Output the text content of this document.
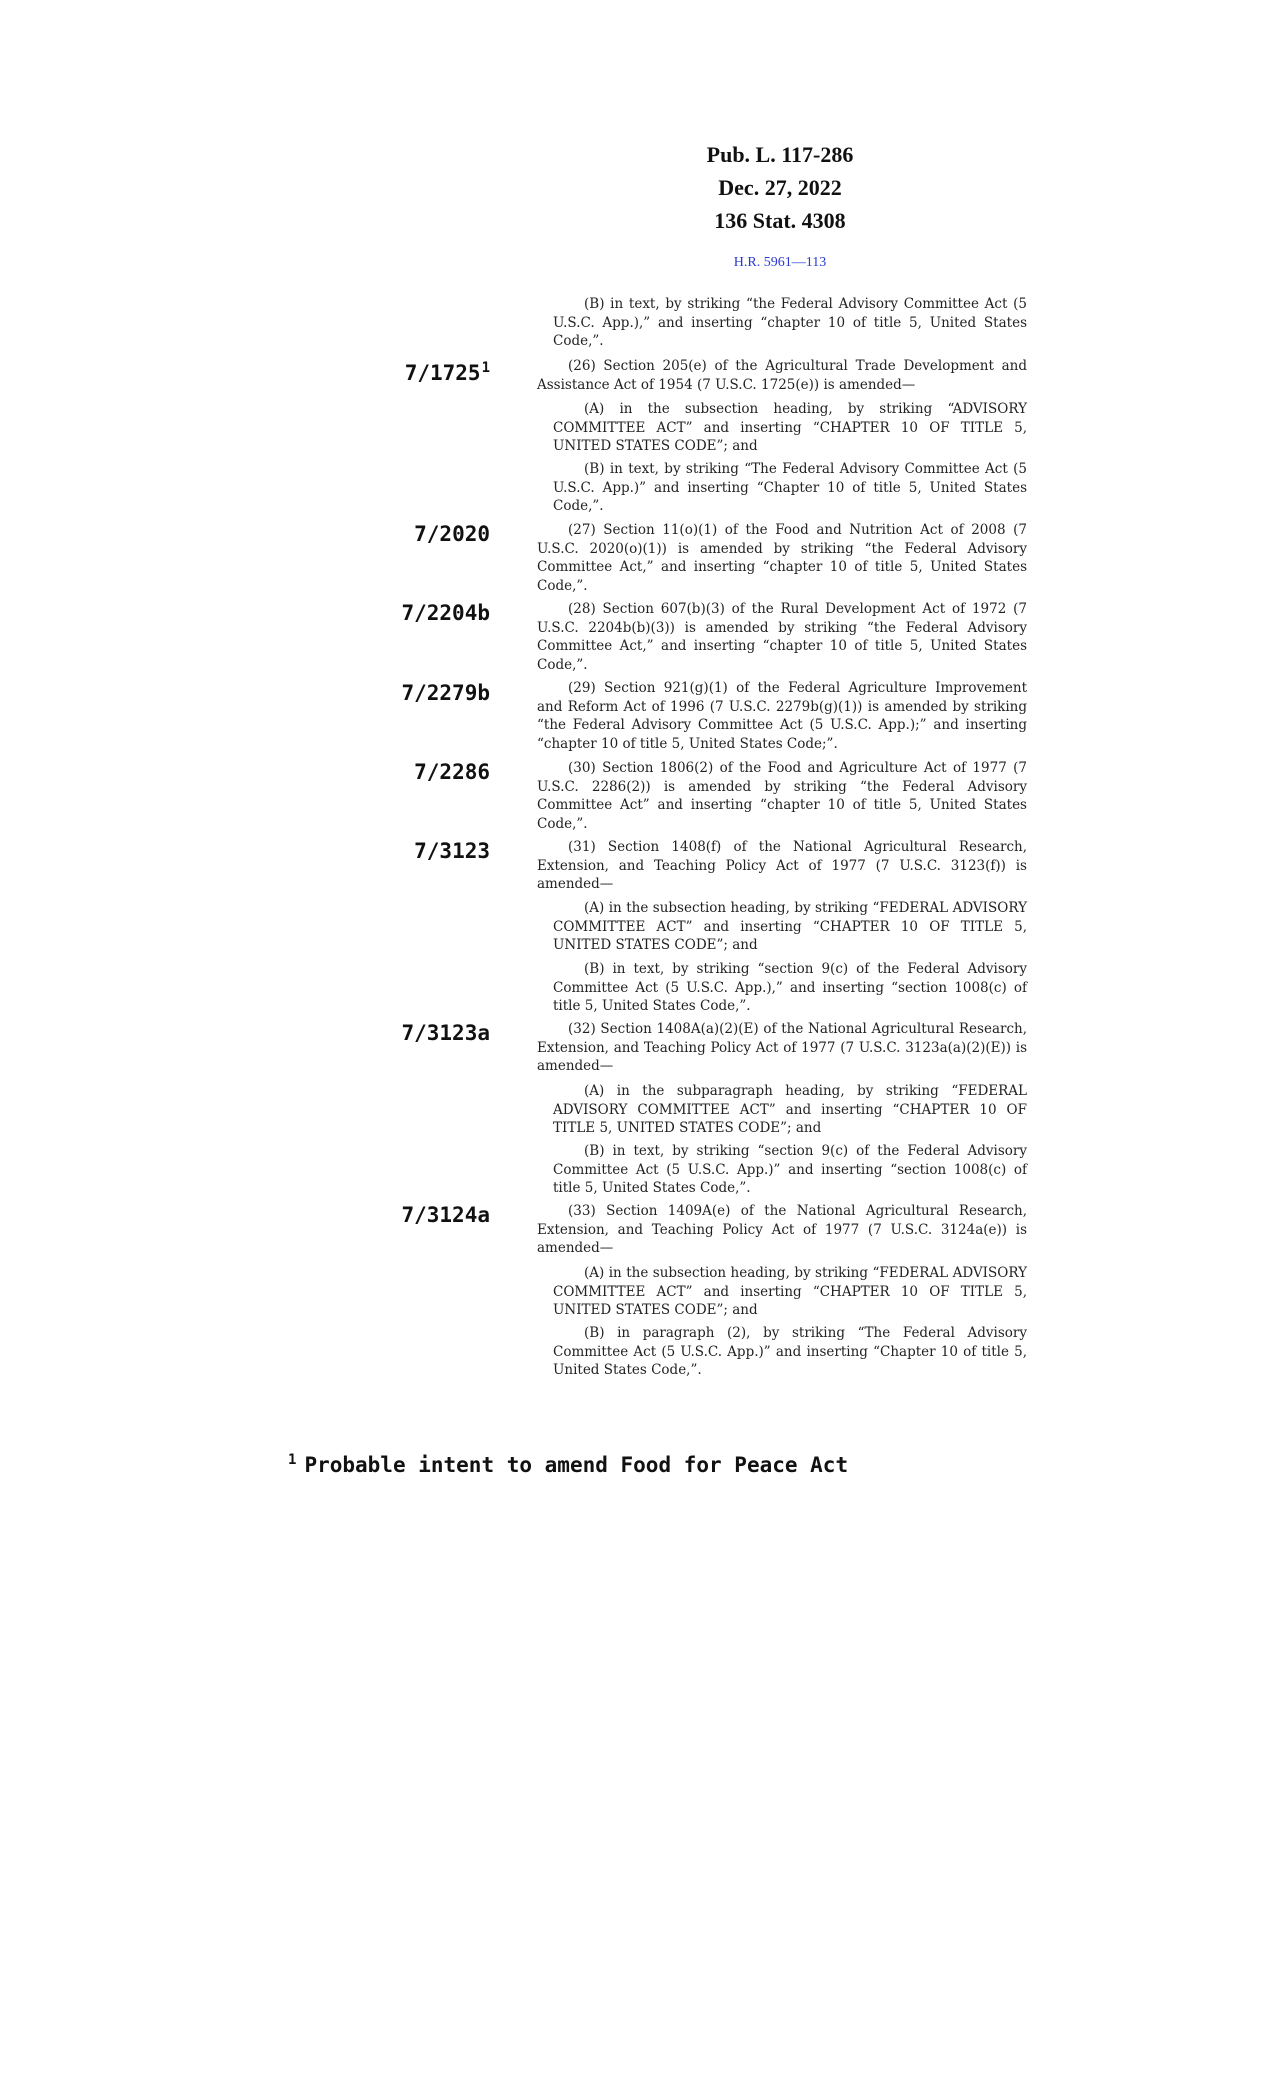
Pub. L. 117-286
Dec. 27, 2022
136 Stat. 4308
H.R. 5961—113
7/1725$^1$
7/2020
7/2204b
7/2279b
7/2286
7/3123
7/3123a
7/3124a

(B) in text, by striking “the Federal Advisory Committee Act (5 U.S.C. App.),” and inserting “chapter 10 of title 5, United States Code,”.

(26) Section 205(e) of the Agricultural Trade Development and Assistance Act of 1954 (7 U.S.C. 1725(e)) is amended—

(A) in the subsection heading, by striking “ADVISORY COMMITTEE ACT” and inserting “CHAPTER 10 OF TITLE 5, UNITED STATES CODE”; and

(B) in text, by striking “The Federal Advisory Committee Act (5 U.S.C. App.)” and inserting “Chapter 10 of title 5, United States Code,”.

(27) Section 11(o)(1) of the Food and Nutrition Act of 2008 (7 U.S.C. 2020(o)(1)) is amended by striking “the Federal Advisory Committee Act,” and inserting “chapter 10 of title 5, United States Code,”.

(28) Section 607(b)(3) of the Rural Development Act of 1972 (7 U.S.C. 2204b(b)(3)) is amended by striking “the Federal Advisory Committee Act,” and inserting “chapter 10 of title 5, United States Code,”.

(29) Section 921(g)(1) of the Federal Agriculture Improvement and Reform Act of 1996 (7 U.S.C. 2279b(g)(1)) is amended by striking “the Federal Advisory Committee Act (5 U.S.C. App.);” and inserting “chapter 10 of title 5, United States Code;”.

(30) Section 1806(2) of the Food and Agriculture Act of 1977 (7 U.S.C. 2286(2)) is amended by striking “the Federal Advisory Committee Act” and inserting “chapter 10 of title 5, United States Code,”.

(31) Section 1408(f) of the National Agricultural Research, Extension, and Teaching Policy Act of 1977 (7 U.S.C. 3123(f)) is amended—

(A) in the subsection heading, by striking “FEDERAL ADVISORY COMMITTEE ACT” and inserting “CHAPTER 10 OF TITLE 5, UNITED STATES CODE”; and

(B) in text, by striking “section 9(c) of the Federal Advisory Committee Act (5 U.S.C. App.),” and inserting “section 1008(c) of title 5, United States Code,”.

(32) Section 1408A(a)(2)(E) of the National Agricultural Research, Extension, and Teaching Policy Act of 1977 (7 U.S.C. 3123a(a)(2)(E)) is amended—

(A) in the subparagraph heading, by striking “FEDERAL ADVISORY COMMITTEE ACT” and inserting “CHAPTER 10 OF TITLE 5, UNITED STATES CODE”; and

(B) in text, by striking “section 9(c) of the Federal Advisory Committee Act (5 U.S.C. App.)” and inserting “section 1008(c) of title 5, United States Code,”.

(33) Section 1409A(e) of the National Agricultural Research, Extension, and Teaching Policy Act of 1977 (7 U.S.C. 3124a(e)) is amended—

(A) in the subsection heading, by striking “FEDERAL ADVISORY COMMITTEE ACT” and inserting “CHAPTER 10 OF TITLE 5, UNITED STATES CODE”; and

(B) in paragraph (2), by striking “The Federal Advisory Committee Act (5 U.S.C. App.)” and inserting “Chapter 10 of title 5, United States Code,”.

$^1$ Probable intent to amend Food for Peace Act
